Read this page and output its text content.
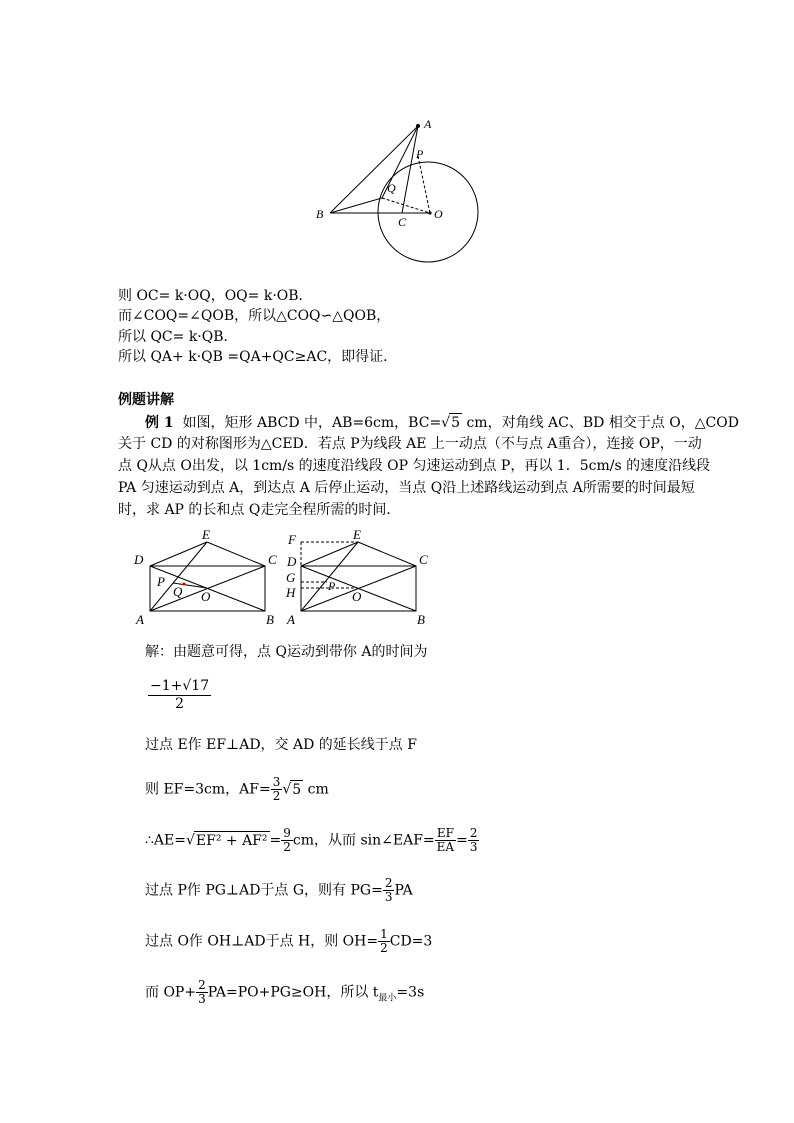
A
P
Q
B
C
O
则 OC= k·OQ，OQ= k·OB．
而∠COQ=∠QOB，所以△COQ∽△QOB，
所以 QC= k·QB．
所以 QA+ k·QB =QA+QC≥AC，即得证．
例题讲解
例 1 如图，矩形 ABCD 中，AB=6cm，BC=√5 cm，对角线 AC、BD 相交于点 O，△COD
关于 CD 的对称图形为△CED．若点 P为线段 AE 上一动点（不与点 A重合），连接 OP，一动
点 Q从点 O出发，以 1cm/s 的速度沿线段 OP 匀速运动到点 P，再以 1．5cm/s 的速度沿线段
PA 匀速运动到点 A，到达点 A 后停止运动，当点 Q沿上述路线运动到点 A所需要的时间最短
时，求 AP 的长和点 Q走完全程所需的时间．
D
E
C
P
Q O
A	B
F	E
C
D
G
H	P
O
A	B
解：由题意可得，点 Q运动到带你 A的时间为
$\frac{-1+√17}{2}$
过点 E作 EF⊥AD，交 AD 的延长线于点 F
则 EF=3cm，$AF= \frac{3}{2} √5$ cm
∴AE=√EF² + $AF^2 = \frac{9}{2}$ cm，从而 sin∠EAF= $\frac{EF}{EA} = \frac{2}{3}$
过点 P作 PG⊥AD于点 G，则有 $PG= \frac{2}{3}$ PA
过点 O作 OH⊥AD于点 H，则 $OH= \frac{1}{2} CD=3$
而 $OP+ \frac{2}{3} PA=PO+PG\ge OH$，所以 $t_{最小}=3s$
